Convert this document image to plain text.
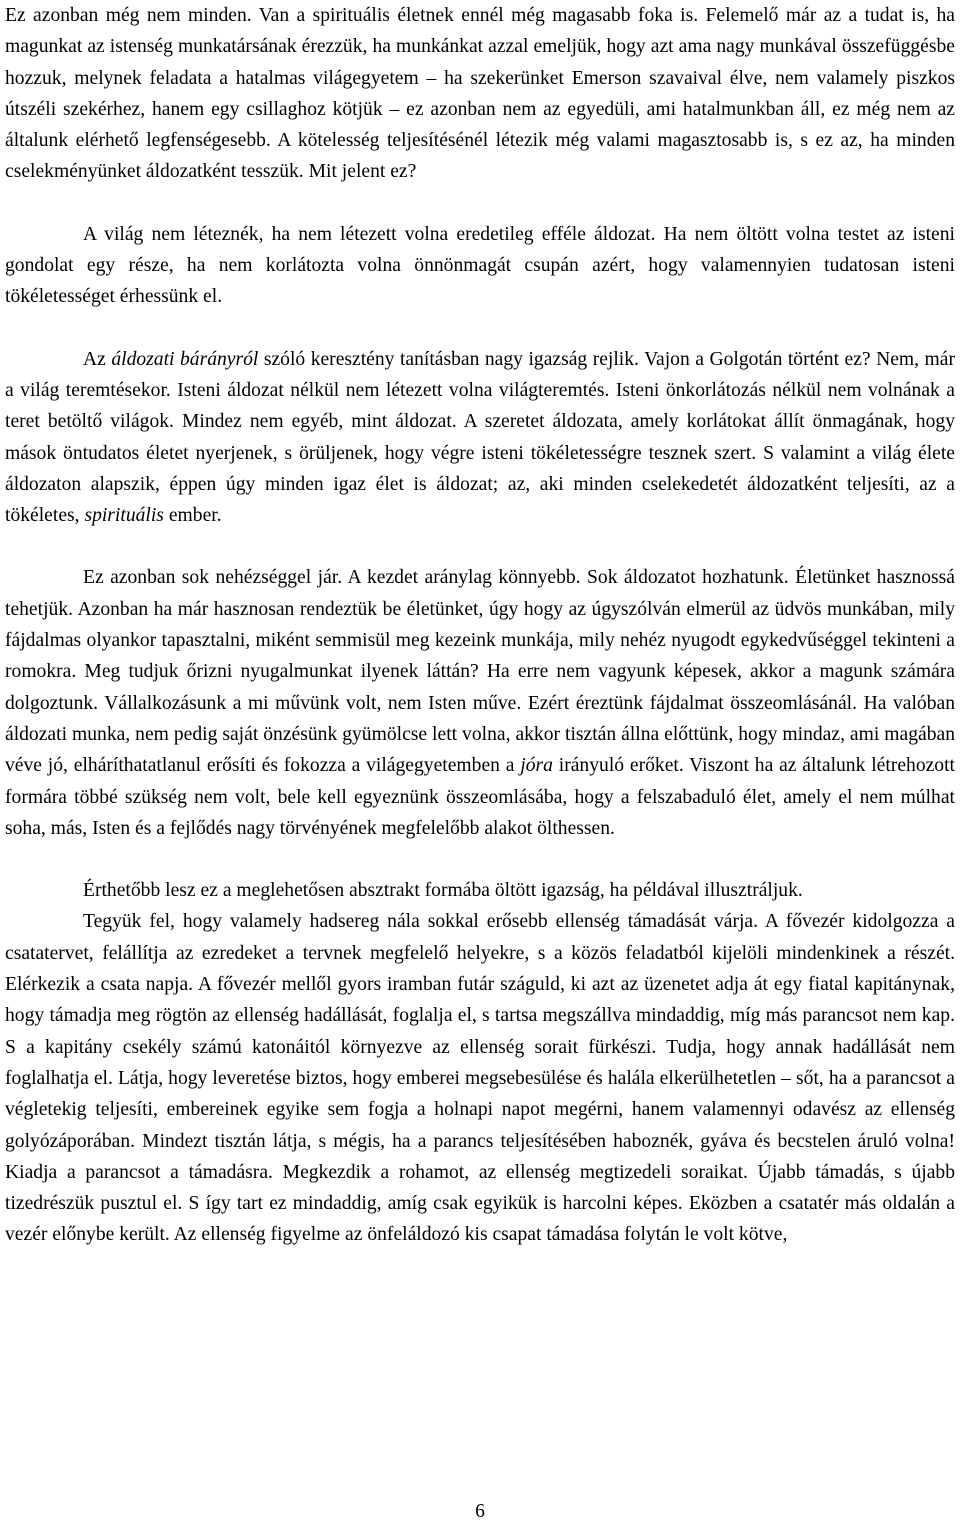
Ez azonban még nem minden. Van a spirituális életnek ennél még magasabb foka is. Felemelő már az a tudat is, ha magunkat az istenség munkatársának érezzük, ha munkánkat azzal emeljük, hogy azt ama nagy munkával összefüggésbe hozzuk, melynek feladata a hatalmas világegyetem – ha szekerünket Emerson szavaival élve, nem valamely piszkos útszéli szekérhez, hanem egy csillaghoz kötjük – ez azonban nem az egyedüli, ami hatalmunkban áll, ez még nem az általunk elérhető legfenségesebb. A kötelesség teljesítésénél létezik még valami magasztosabb is, s ez az, ha minden cselekményünket áldozatként tesszük. Mit jelent ez?

A világ nem léteznék, ha nem létezett volna eredetileg efféle áldozat. Ha nem öltött volna testet az isteni gondolat egy része, ha nem korlátozta volna önnönmagát csupán azért, hogy valamennyien tudatosan isteni tökéletességet érhessünk el.

Az áldozati bárányról szóló keresztény tanításban nagy igazság rejlik. Vajon a Golgotán történt ez? Nem, már a világ teremtésekor. Isteni áldozat nélkül nem létezett volna világteremtés. Isteni önkorlátozás nélkül nem volnának a teret betöltő világok. Mindez nem egyéb, mint áldozat. A szeretet áldozata, amely korlátokat állít önmagának, hogy mások öntudatos életet nyerjenek, s örüljenek, hogy végre isteni tökéletességre tesznek szert. S valamint a világ élete áldozaton alapszik, éppen úgy minden igaz élet is áldozat; az, aki minden cselekedetét áldozatként teljesíti, az a tökéletes, spirituális ember.

Ez azonban sok nehézséggel jár. A kezdet aránylag könnyebb. Sok áldozatot hozhatunk. Életünket hasznossá tehetjük. Azonban ha már hasznosan rendeztük be életünket, úgy hogy az úgyszólván elmerül az üdvös munkában, mily fájdalmas olyankor tapasztalni, miként semmisül meg kezeink munkája, mily nehéz nyugodt egykedvűséggel tekinteni a romokra. Meg tudjuk őrizni nyugalmunkat ilyenek láttán? Ha erre nem vagyunk képesek, akkor a magunk számára dolgoztunk. Vállalkozásunk a mi művünk volt, nem Isten műve. Ezért éreztünk fájdalmat összeomlásánál. Ha valóban áldozati munka, nem pedig saját önzésünk gyümölcse lett volna, akkor tisztán állna előttünk, hogy mindaz, ami magában véve jó, elháríthatatlanul erősíti és fokozza a világegyetemben a jóra irányuló erőket. Viszont ha az általunk létrehozott formára többé szükség nem volt, bele kell egyeznünk összeomlásába, hogy a felszabaduló élet, amely el nem múlhat soha, más, Isten és a fejlődés nagy törvényének megfelelőbb alakot ölthessen.

Érthetőbb lesz ez a meglehetősen absztrakt formába öltött igazság, ha példával illusztráljuk.

Tegyük fel, hogy valamely hadsereg nála sokkal erősebb ellenség támadását várja. A fővezér kidolgozza a csatatervet, felállítja az ezredeket a tervnek megfelelő helyekre, s a közös feladatból kijelöli mindenkinek a részét. Elérkezik a csata napja. A fővezér mellől gyors iramban futár száguld, ki azt az üzenetet adja át egy fiatal kapitánynak, hogy támadja meg rögtön az ellenség hadállását, foglalja el, s tartsa megszállva mindaddig, míg más parancsot nem kap. S a kapitány csekély számú katonáitól környezve az ellenség sorait fürkészi. Tudja, hogy annak hadállását nem foglalhatja el. Látja, hogy leveretése biztos, hogy emberei megsebesülése és halála elkerülhetetlen – sőt, ha a parancsot a végletekig teljesíti, embereinek egyike sem fogja a holnapi napot megérni, hanem valamennyi odavész az ellenség golyózáporában. Mindezt tisztán látja, s mégis, ha a parancs teljesítésében haboznék, gyáva és becstelen áruló volna! Kiadja a parancsot a támadásra. Megkezdik a rohamot, az ellenség megtizedeli soraikat. Újabb támadás, s újabb tizedrészük pusztul el. S így tart ez mindaddig, amíg csak egyikük is harcolni képes. Eközben a csatatér más oldalán a vezér előnybe került. Az ellenség figyelme az önfeláldozó kis csapat támadása folytán le volt kötve,

6
